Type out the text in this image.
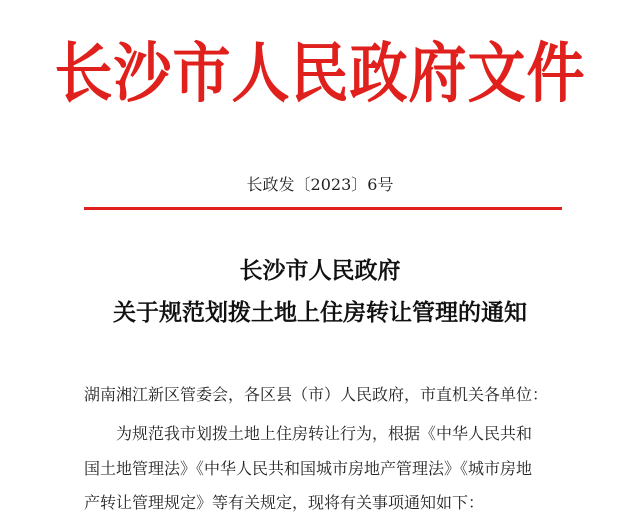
长沙市人民政府文件
长政发〔2023〕6号
长沙市人民政府
关于规范划拨土地上住房转让管理的通知
湖南湘江新区管委会，各区县（市）人民政府，市直机关各单位：
为规范我市划拨土地上住房转让行为，根据《中华人民共和
国土地管理法》《中华人民共和国城市房地产管理法》《城市房地
产转让管理规定》等有关规定，现将有关事项通知如下：
